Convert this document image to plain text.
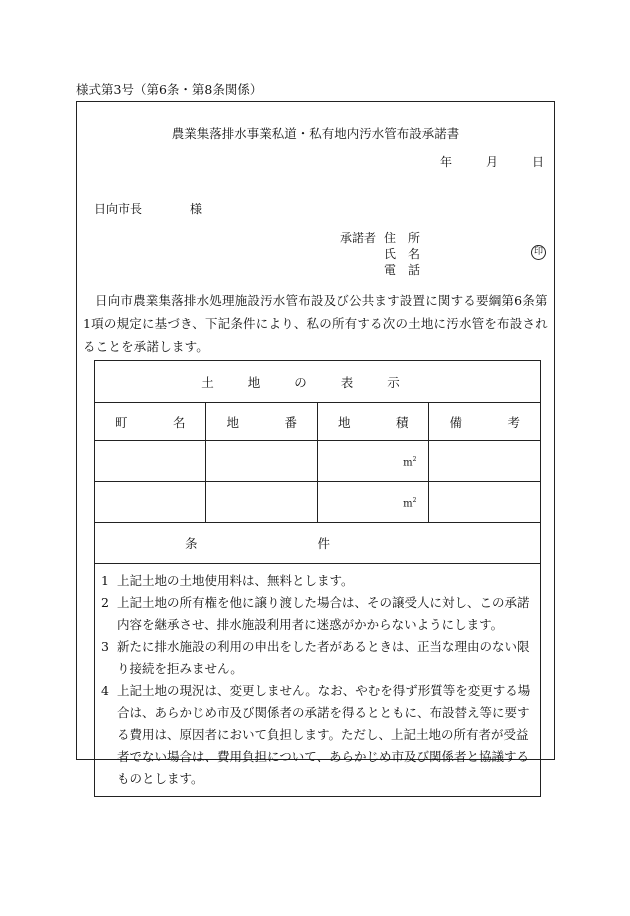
様式第3号（第6条・第8条関係）
農業集落排水事業私道・私有地内汚水管布設承諾書
年	月	日
日向市長	様
承諾者 住　所
氏　名
電　話
印
日向市農業集落排水処理施設汚水管布設及び公共ます設置に関する要綱第6条第1項の規定に基づき、下記条件により、私の所有する次の土地に汚水管を布設されることを承諾します。
土地の表示			

町 名	地 番	地 積	備 考

		$m^2$

		$m^2$

条件			

1 上記土地の土地使用料は、無料とします。
2 上記土地の所有権を他に譲り渡した場合は、その譲受人に対し、この承諾内容を継承させ、排水施設利用者に迷惑がかからないようにします。
3 新たに排水施設の利用の申出をした者があるときは、正当な理由のない限り接続を拒みません。
4 上記土地の現況は、変更しません。なお、やむを得ず形質等を変更する場合は、あらかじめ市及び関係者の承諾を得るとともに、布設替え等に要する費用は、原因者において負担します。ただし、上記土地の所有者が受益者でない場合は、費用負担について、あらかじめ市及び関係者と協議するものとします。			
